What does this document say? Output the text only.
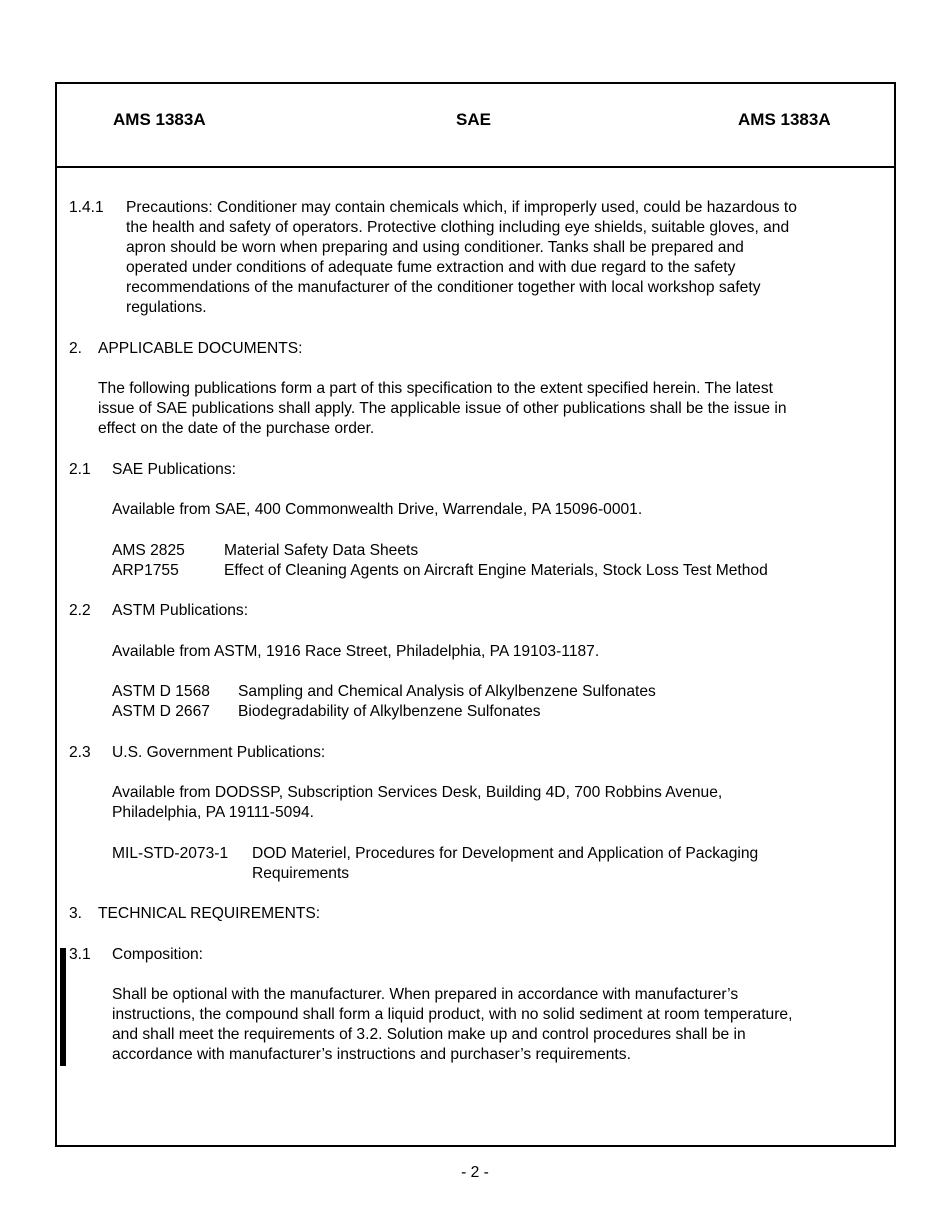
AMS 1383A	SAE	AMS 1383A
1.4.1 Precautions: Conditioner may contain chemicals which, if improperly used, could be hazardous to
the health and safety of operators. Protective clothing including eye shields, suitable gloves, and
apron should be worn when preparing and using conditioner. Tanks shall be prepared and
operated under conditions of adequate fume extraction and with due regard to the safety
recommendations of the manufacturer of the conditioner together with local workshop safety
regulations.
2. APPLICABLE DOCUMENTS:
The following publications form a part of this specification to the extent specified herein. The latest
issue of SAE publications shall apply. The applicable issue of other publications shall be the issue in
effect on the date of the purchase order.
2.1 SAE Publications:
Available from SAE, 400 Commonwealth Drive, Warrendale, PA 15096-0001.
AMS 2825	Material Safety Data Sheets
ARP1755	Effect of Cleaning Agents on Aircraft Engine Materials, Stock Loss Test Method
2.2 ASTM Publications:
Available from ASTM, 1916 Race Street, Philadelphia, PA 19103-1187.
ASTM D 1568 Sampling and Chemical Analysis of Alkylbenzene Sulfonates
ASTM D 2667 Biodegradability of Alkylbenzene Sulfonates
2.3 U.S. Government Publications:
Available from DODSSP, Subscription Services Desk, Building 4D, 700 Robbins Avenue,
Philadelphia, PA 19111-5094.
MIL-STD-2073-1 DOD Materiel, Procedures for Development and Application of Packaging
Requirements
3. TECHNICAL REQUIREMENTS:
3.1 Composition:
Shall be optional with the manufacturer. When prepared in accordance with manufacturer’s
instructions, the compound shall form a liquid product, with no solid sediment at room temperature,
and shall meet the requirements of 3.2. Solution make up and control procedures shall be in
accordance with manufacturer’s instructions and purchaser’s requirements.
- 2 -
